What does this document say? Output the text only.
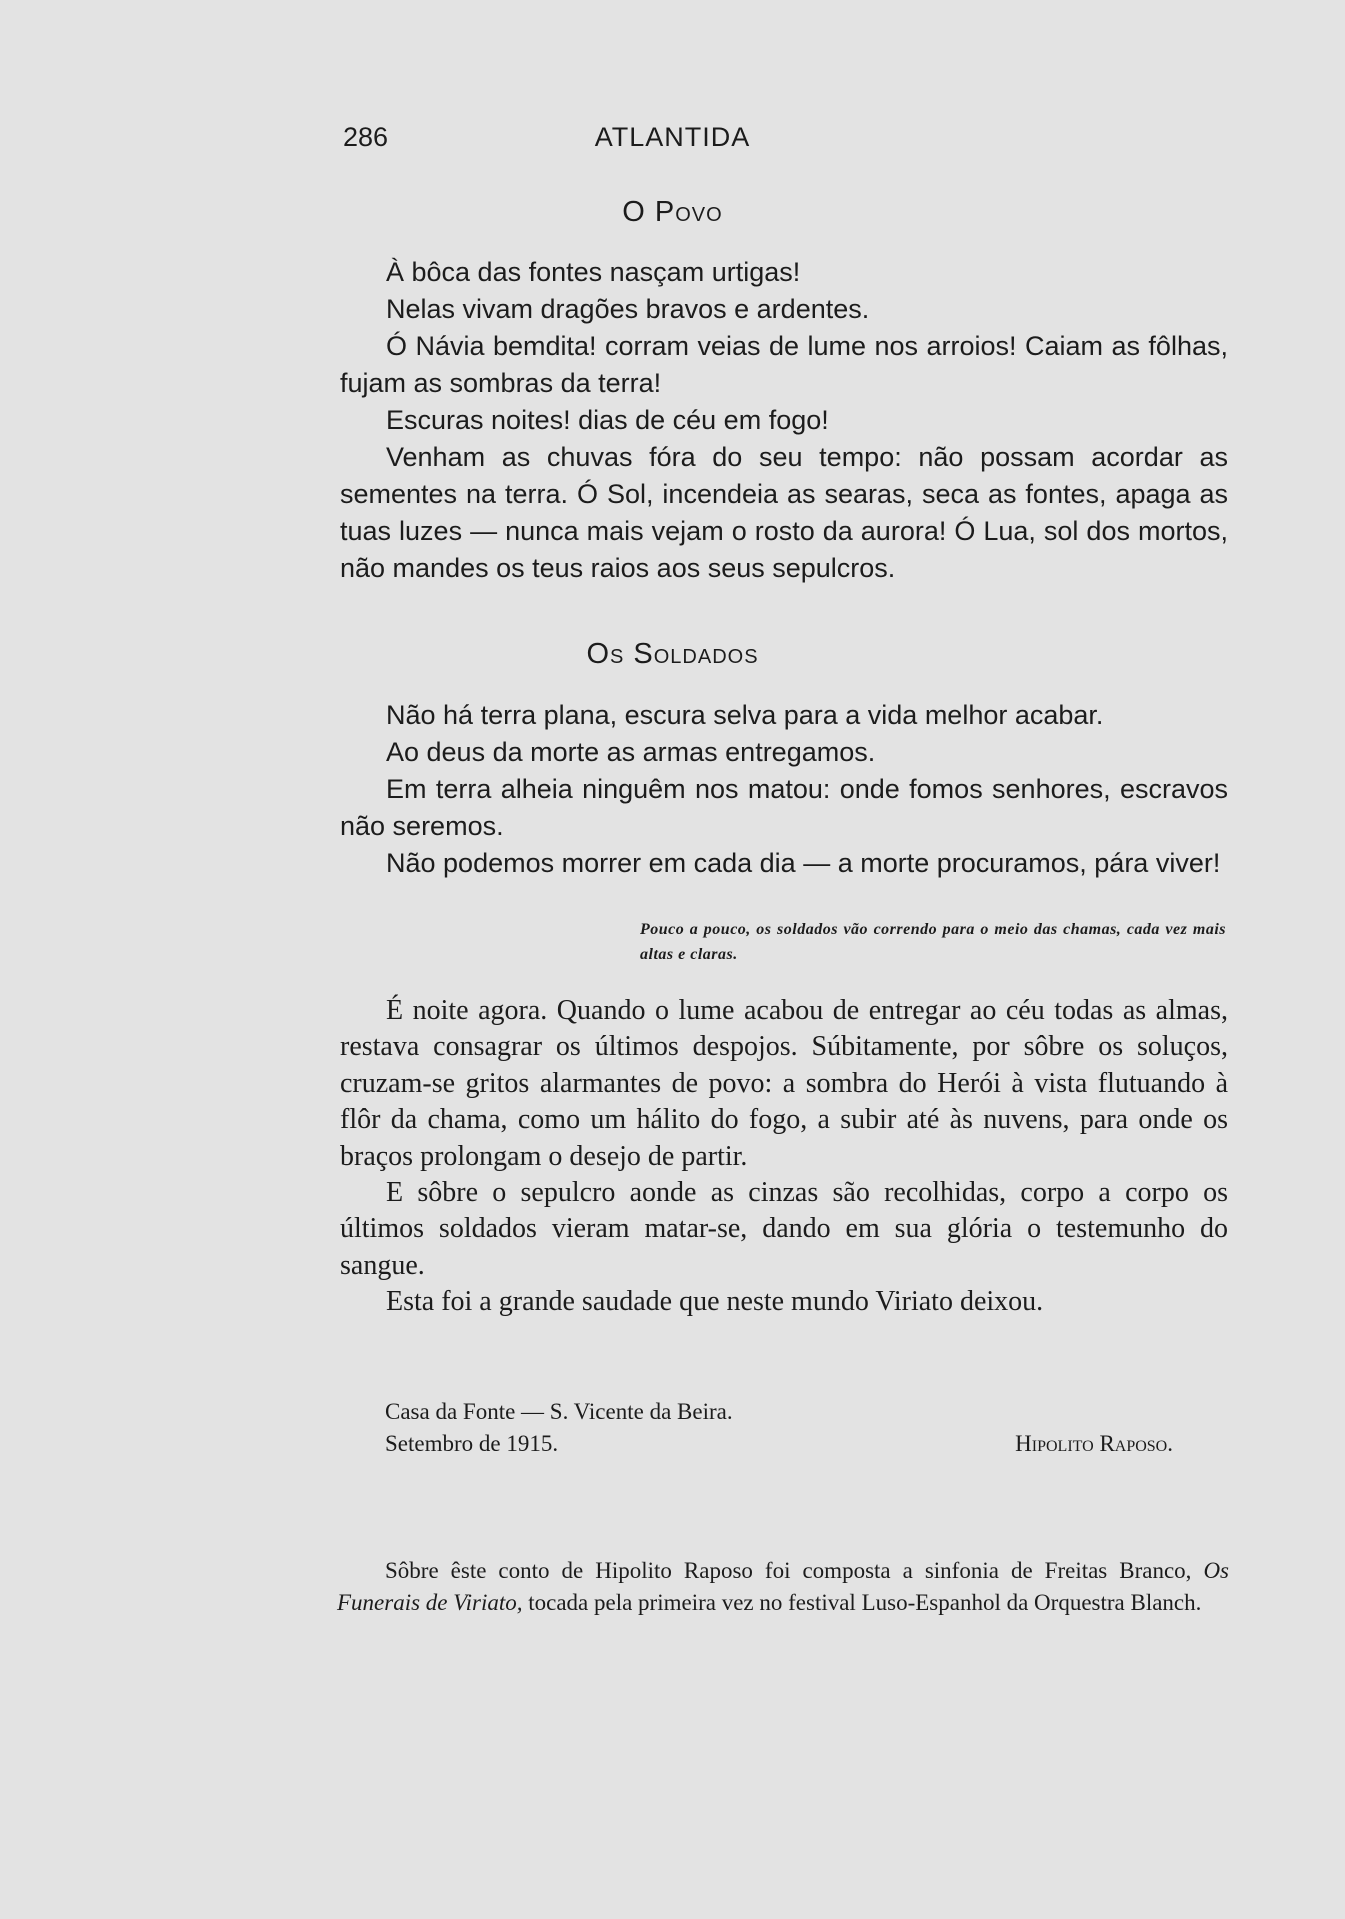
286	ATLANTIDA
O Povo

À bôca das fontes nasçam urtigas!

Nelas vivam dragões bravos e ardentes.

Ó Návia bemdita! corram veias de lume nos arroios! Caiam as fôlhas, fujam as sombras da terra!

Escuras noites! dias de céu em fogo!

Venham as chuvas fóra do seu tempo: não possam acordar as sementes na terra. Ó Sol, incendeia as searas, seca as fontes, apaga as tuas luzes — nunca mais vejam o rosto da aurora! Ó Lua, sol dos mortos, não mandes os teus raios aos seus sepulcros.

Os Soldados

Não há terra plana, escura selva para a vida melhor acabar.

Ao deus da morte as armas entregamos.

Em terra alheia ninguêm nos matou: onde fomos senhores, escravos não seremos.

Não podemos morrer em cada dia — a morte procuramos, pára viver!

Pouco a pouco, os soldados vão correndo para o meio das chamas, cada vez mais altas e claras.

É noite agora. Quando o lume acabou de entregar ao céu todas as almas, restava consagrar os últimos despojos. Súbitamente, por sôbre os soluços, cruzam-se gritos alarmantes de povo: a sombra do Herói à vista flutuando à flôr da chama, como um hálito do fogo, a subir até às nuvens, para onde os braços prolongam o desejo de partir.

E sôbre o sepulcro aonde as cinzas são recolhidas, corpo a corpo os últimos soldados vieram matar-se, dando em sua glória o testemunho do sangue.

Esta foi a grande saudade que neste mundo Viriato deixou.

Casa da Fonte — S. Vicente da Beira.
Setembro de 1915.	Hipolito Raposo.
Sôbre êste conto de Hipolito Raposo foi composta a sinfonia de Freitas Branco, Os Funerais de Viriato, tocada pela primeira vez no festival Luso-Espanhol da Orquestra Blanch.
